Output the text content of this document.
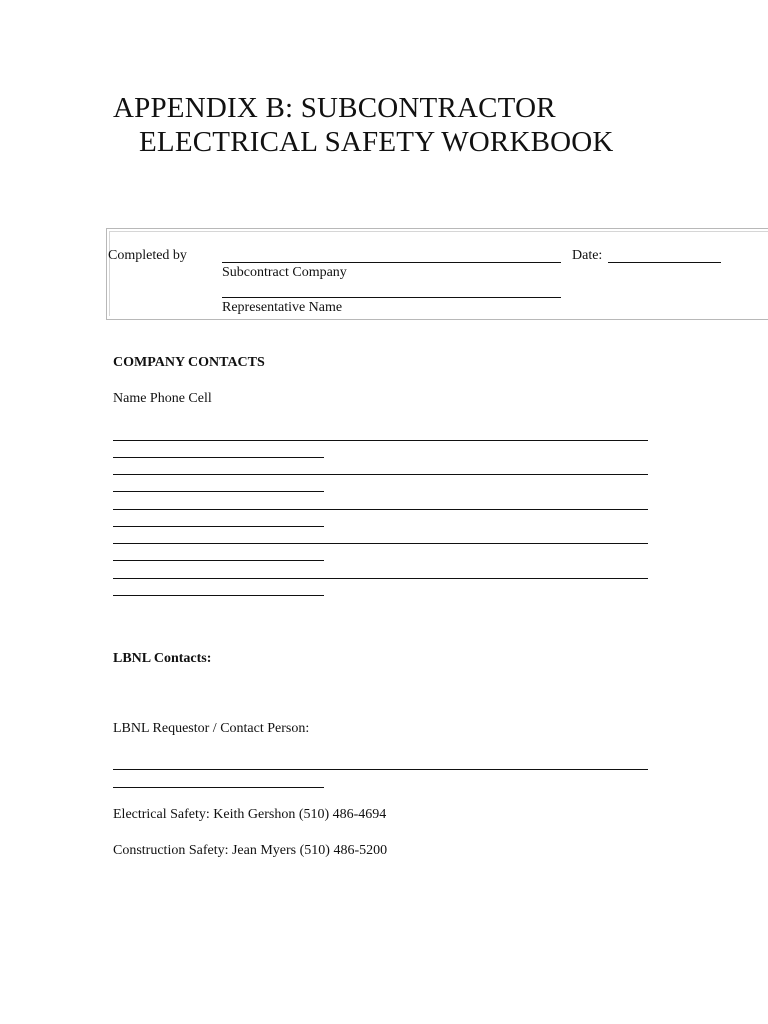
APPENDIX B: SUBCONTRACTOR
ELECTRICAL SAFETY WORKBOOK
Completed by	Date:
Subcontract Company
Representative Name
COMPANY CONTACTS
Name Phone Cell
LBNL Contacts:
LBNL Requestor / Contact Person:
Electrical Safety: Keith Gershon (510) 486-4694
Construction Safety: Jean Myers (510) 486-5200
